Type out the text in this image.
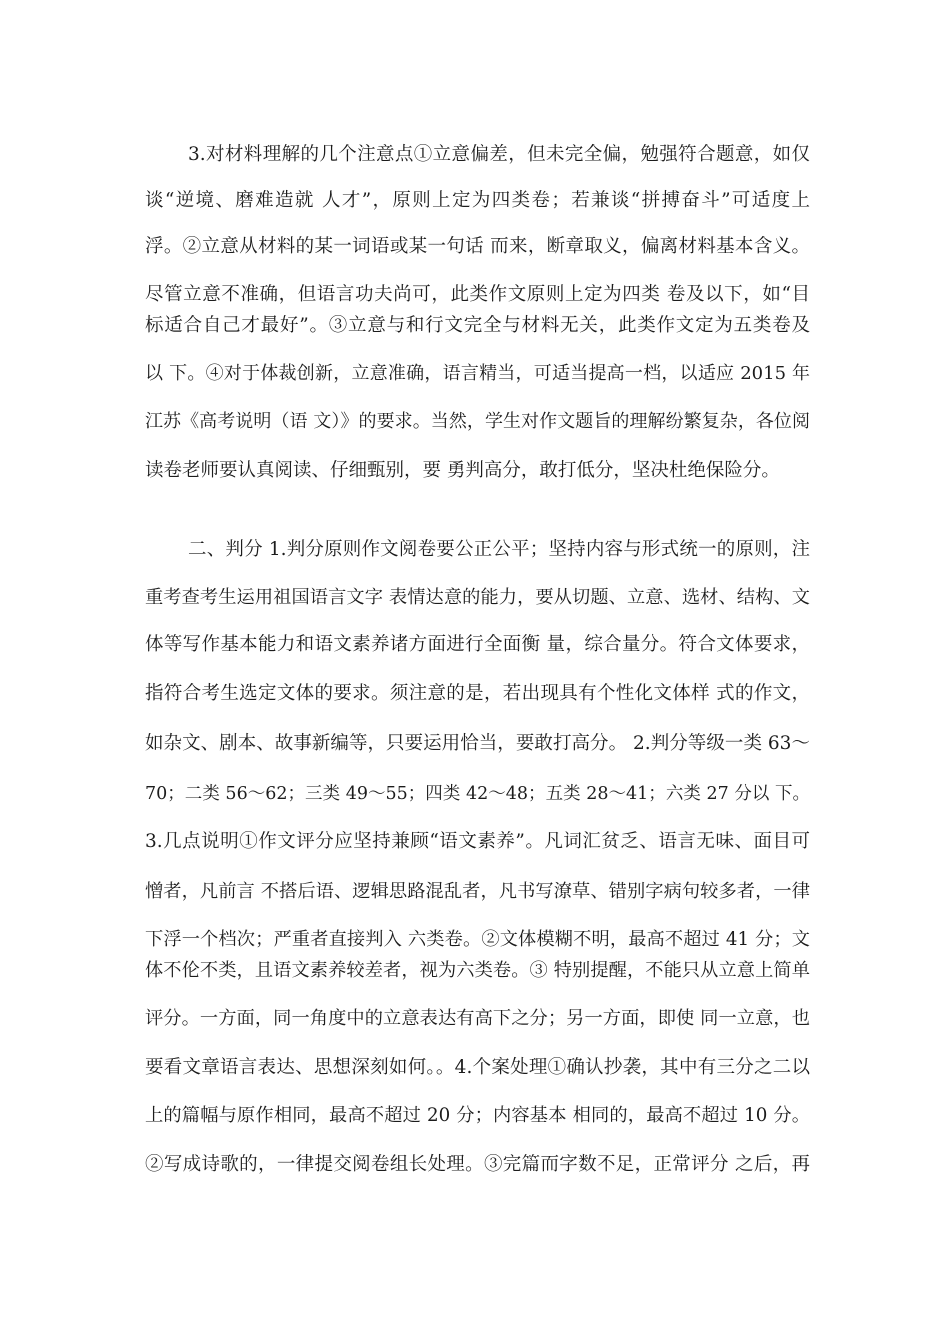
3.对材料理解的几个注意点①立意偏差，但未完全偏，勉强符合题意，如仅

谈“逆境、磨难造就 人才”，原则上定为四类卷；若兼谈“拼搏奋斗”可适度上

浮。②立意从材料的某一词语或某一句话 而来，断章取义，偏离材料基本含义。

尽管立意不准确，但语言功夫尚可，此类作文原则上定为四类 卷及以下，如“目

标适合自己才最好”。③立意与和行文完全与材料无关，此类作文定为五类卷及

以 下。④对于体裁创新，立意准确，语言精当，可适当提高一档，以适应 2015 年

江苏《高考说明（语 文）》的要求。当然，学生对作文题旨的理解纷繁复杂，各位阅

读卷老师要认真阅读、仔细甄别，要 勇判高分，敢打低分，坚决杜绝保险分。

二、判分 1.判分原则作文阅卷要公正公平；坚持内容与形式统一的原则，注

重考查考生运用祖国语言文字 表情达意的能力，要从切题、立意、选材、结构、文

体等写作基本能力和语文素养诸方面进行全面衡 量，综合量分。符合文体要求，

指符合考生选定文体的要求。须注意的是，若出现具有个性化文体样 式的作文，

如杂文、剧本、故事新编等，只要运用恰当，要敢打高分。 2.判分等级一类 63～

70；二类 56～62；三类 49～55；四类 42～48；五类 28～41；六类 27 分以 下。

3.几点说明①作文评分应坚持兼顾“语文素养”。凡词汇贫乏、语言无味、面目可

憎者，凡前言 不搭后语、逻辑思路混乱者，凡书写潦草、错别字病句较多者，一律

下浮一个档次；严重者直接判入 六类卷。②文体模糊不明，最高不超过 41 分；文

体不伦不类，且语文素养较差者，视为六类卷。③ 特别提醒，不能只从立意上简单

评分。一方面，同一角度中的立意表达有高下之分；另一方面，即使 同一立意，也

要看文章语言表达、思想深刻如何。。4.个案处理①确认抄袭，其中有三分之二以

上的篇幅与原作相同，最高不超过 20 分；内容基本 相同的，最高不超过 10 分。

②写成诗歌的，一律提交阅卷组长处理。③完篇而字数不足，正常评分 之后，再
